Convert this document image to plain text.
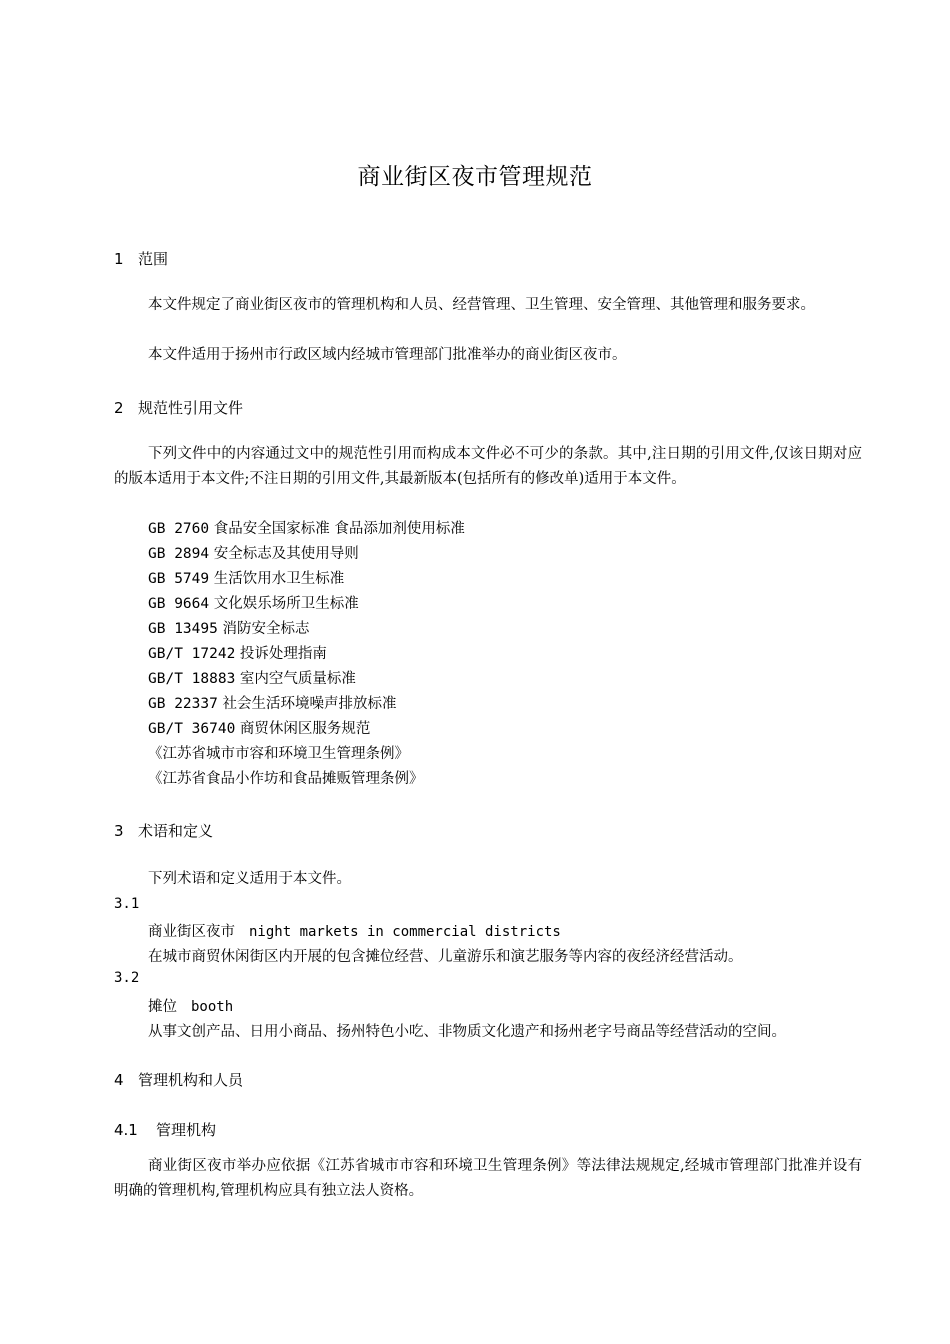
商业街区夜市管理规范
1 范围
本文件规定了商业街区夜市的管理机构和人员、经营管理、卫生管理、安全管理、其他管理和服务要求。
本文件适用于扬州市行政区域内经城市管理部门批准举办的商业街区夜市。
2 规范性引用文件
下列文件中的内容通过文中的规范性引用而构成本文件必不可少的条款。其中,注日期的引用文件,仅该日期对应的版本适用于本文件;不注日期的引用文件,其最新版本(包括所有的修改单)适用于本文件。
GB 2760 食品安全国家标准 食品添加剂使用标准
GB 2894 安全标志及其使用导则
GB 5749 生活饮用水卫生标准
GB 9664 文化娱乐场所卫生标准
GB 13495 消防安全标志
GB/T 17242 投诉处理指南
GB/T 18883 室内空气质量标准
GB 22337 社会生活环境噪声排放标准
GB/T 36740 商贸休闲区服务规范
《江苏省城市市容和环境卫生管理条例》
《江苏省食品小作坊和食品摊贩管理条例》
3 术语和定义
下列术语和定义适用于本文件。
3.1
商业街区夜市 night markets in commercial districts
在城市商贸休闲街区内开展的包含摊位经营、儿童游乐和演艺服务等内容的夜经济经营活动。
3.2
摊位 booth
从事文创产品、日用小商品、扬州特色小吃、非物质文化遗产和扬州老字号商品等经营活动的空间。
4 管理机构和人员
4.1 管理机构
商业街区夜市举办应依据《江苏省城市市容和环境卫生管理条例》等法律法规规定,经城市管理部门批准并设有明确的管理机构,管理机构应具有独立法人资格。
